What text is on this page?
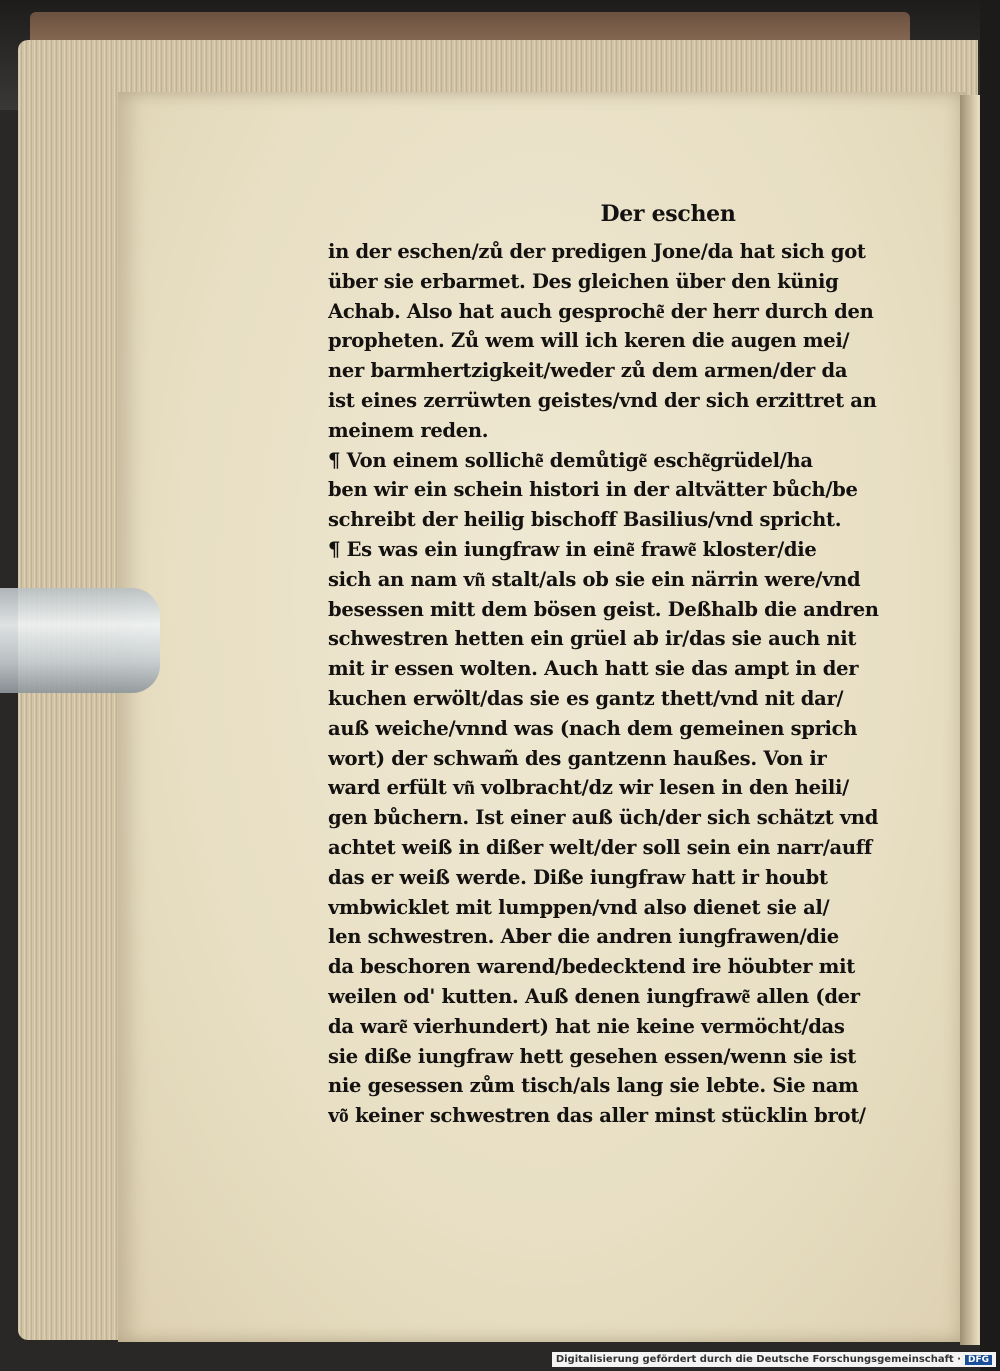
Der eschen
in der eschen/zů der predigen Jone/da hat sich got
über sie erbarmet. Des gleichen über den künig
Achab. Also hat auch gesproche͂ der herr durch den
propheten. Zů wem will ich keren die augen mei/
ner barmhertzigkeit/weder zů dem armen/der da
ist eines zerrüwten geistes/vnd der sich erzittret an
meinem reden.
¶ Von einem solliche͂ demůtige͂ esche͂grüdel/ha
ben wir ein schein histori in der altvätter bůch/be
schreibt der heilig bischoff Basilius/vnd spricht.
¶ Es was ein iungfraw in eine͂ frawe͂ kloster/die
sich an nam vn͂ stalt/als ob sie ein närrin were/vnd
besessen mitt dem bösen geist. Deßhalb die andren
schwestren hetten ein grüel ab ir/das sie auch nit
mit ir essen wolten. Auch hatt sie das ampt in der
kuchen erwölt/das sie es gantz thett/vnd nit dar/
auß weiche/vnnd was (nach dem gemeinen sprich
wort) der schwam̃ des gantzenn haußes. Von ir
ward erfült vn͂ volbracht/dz wir lesen in den heili/
gen bůchern. Ist einer auß üch/der sich schätzt vnd
achtet weiß in dißer welt/der soll sein ein narr/auff
das er weiß werde. Diße iungfraw hatt ir houbt
vmbwicklet mit lumppen/vnd also dienet sie al/
len schwestren. Aber die andren iungfrawen/die
da beschoren warend/bedecktend ire höubter mit
weilen od' kutten. Auß denen iungfrawe͂ allen (der
da ware͂ vierhundert) hat nie keine vermöcht/das
sie diße iungfraw hett gesehen essen/wenn sie ist
nie gesessen zům tisch/als lang sie lebte. Sie nam
vo͂ keiner schwestren das aller minst stücklin brot/
Digitalisierung gefördert durch die Deutsche Forschungsgemeinschaft · DFG
